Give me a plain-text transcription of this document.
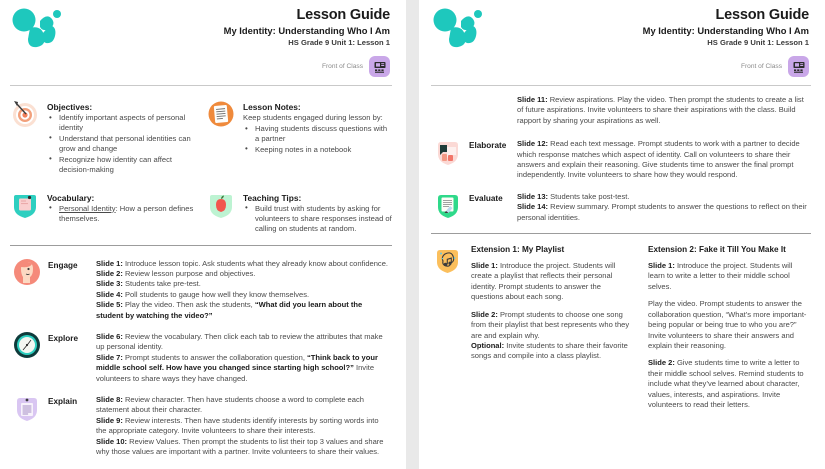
Lesson Guide
My Identity: Understanding Who I Am
HS Grade 9 Unit 1: Lesson 1
Front of Class
Objectives:
• Identify important aspects of personal identity
• Understand that personal identities can grow and change
• Recognize how identity can affect decision-making
Lesson Notes:
Keep students engaged during lesson by:
• Having students discuss questions with a partner
• Keeping notes in a notebook
Vocabulary:
• Personal Identity: How a person defines themselves.
Teaching Tips:
• Build trust with students by asking for volunteers to share responses instead of calling on students at random.
Engage	Slide 1: Introduce lesson topic. Ask students what they already know about confidence.
Slide 2: Review lesson purpose and objectives.
Slide 3: Students take pre-test.
Slide 4: Poll students to gauge how well they know themselves.
Slide 5: Play the video. Then ask the students, “What did you learn about the student by watching the video?”
Explore	Slide 6: Review the vocabulary. Then click each tab to review the attributes that make up personal identity.
Slide 7: Prompt students to answer the collaboration question, “Think back to your middle school self. How have you changed since starting high school?” Invite volunteers to share ways they have changed.
Explain	Slide 8: Review character. Then have students choose a word to complete each statement about their character.
Slide 9: Review interests. Then have students identify interests by sorting words into the appropriate category. Invite volunteers to share their interests.
Slide 10: Review Values. Then prompt the students to list their top 3 values and share why those values are important with a partner. Invite volunteers to share their values.
Lesson Guide
My Identity: Understanding Who I Am
HS Grade 9 Unit 1: Lesson 1
Front of Class
Slide 11: Review aspirations. Play the video. Then prompt the students to create a list of future aspirations. Invite volunteers to share their aspirations with the class. Build rapport by sharing your aspirations as well.
Elaborate	Slide 12: Read each text message. Prompt students to work with a partner to decide which response matches which aspect of identity. Call on volunteers to share their answers and explain their reasoning. Give students time to answer the final prompt independently. Invite volunteers to share how they would respond.
Evaluate	Slide 13: Students take post-test.
Slide 14: Review summary. Prompt students to answer the questions to reflect on their personal identities.
Extension 1: My Playlist
Slide 1: Introduce the project. Students will create a playlist that reflects their personal identity. Prompt students to answer the questions about each song.
Slide 2: Prompt students to choose one song from their playlist that best represents who they are and explain why.
Optional: Invite students to share their favorite songs and compile into a class playlist.
Extension 2: Fake it Till You Make It
Slide 1: Introduce the project. Students will learn to write a letter to their middle school selves.
Play the video. Prompt students to answer the collaboration question, “What’s more important- being popular or being true to who you are?” Invite volunteers to share their answers and explain their reasoning.
Slide 2: Give students time to write a letter to their middle school selves. Remind students to include what they’ve learned about character, values, interests, and aspirations. Invite volunteers to read their letters.
